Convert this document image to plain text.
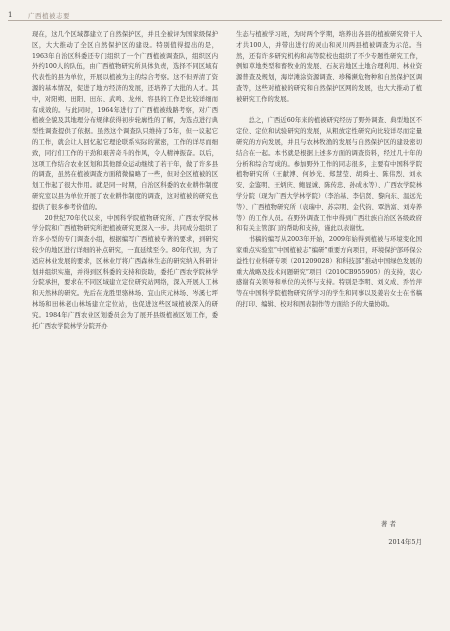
1 广西植被志要

现在，这几个区域都建立了自然保护区，并且全被评为国家级保护区，大大推动了全区自然保护区的建设。特别值得提出的是，1963年自治区科委还专门组织了一个广西植被调查队，组织区内外约100人的队伍，由广西植物研究所具体负责，选择不同区域有代表性的县为单位，开展以植被为主的综合考察。这不但弄清了资源的基本情况，促进了地方经济的发展，还培养了大批的人才。其中，对阳朔、田阳、田东、武鸣、龙州、容县的工作是比较详细而有成效的。与此同时，1964年进行了广西植被线路考察，对广西植被全貌及其地理分布规律获得初步轮廓性的了解，为选点进行典型性调查提供了依据。虽然这个调查队只维持了5年，但一议起它的工作，就会让人回忆起它理论联系实际的紧密，工作的详尽而细致，同行们工作的干劲和艰苦奇斗的作风，令人精神振奋。以后，这项工作结合农业区划和其他群众运动继续了若干年，做了许多县的调查，虽然在植被调查方面稍微偏略了一些，但对全区植被的区划工作起了很大作用。就是同一时期，自治区科委的农业耕作制度研究室以县为单位开展了农业耕作制度的调查，这对植被的研究也提供了很多参考价值的。

20世纪70年代以来，中国科学院植物研究所、广西农学院林学分院和广西植物研究所把植被研究更深入一步。共同成分组织了许多小型的专门调查小组，根据编写广西植被专著的要求，到研究较少的地区进行详细的补点研究，一直延续至今。80年代初，为了适应林业发展的要求，区林业厅将广西森林生态的研究纳入科研计划并组织实施，并得到区科委的支持和资助，委托广西农学院林学分院承担，要求在不同区域建立定位研究站网络，深入开展人工林和天然林的研究。先后在龙胜里骆林场、宜山庆元林场、岑溪七坪林场和田林老山林场建立定位站，也促进这些区域植被深入的研究。1984年广西农业区划委员会为了展开县级植被区划工作，委托广西农学院林学分院开办

生态与植被学习班，为时两个学期，培养出各县的植被研究骨干人才共100人，并带出进行的灵山和灵川两县植被调查为示范。当然，还有许多研究机构和高等院校也组织了不少专题性研究工作，例如草地类型和畜牧业的发展、石灰岩地区土地合理利用、林业资源普查及规划，海岸滩涂资源调查、珍稀濒危物种和自然保护区调查等，这些对植被的研究和自然保护区网的发展，也大大推动了植被研究工作的发展。

总之，广西近60年来的植被研究经历了野外调查、典型地区不定位、定位和试验研究的发展，从粗放定性研究向比较详尽而定量研究的方向发展，并且与农林牧渔的发展与自然保护区的建设密切结合在一起。本书就是根据上述多方面的调查资料，经过几十年的分析和综合写成的。参加野外工作的同志很多，主要有中国科学院植物研究所（王献溥、何妙光、郑慧莹、胡舜士、陈伟烈、刘永安、金鉴明、王炳庆、鲍显诚、陈传忠、孙成永等）、广西农学院林学分院（现为广西大学林学院）（李治基、李信贤、黎向东、温远光等）、广西植物研究所（袁瑞中、苏宗明、金代钧、覃浩富、刘寿养等）的工作人员。在野外调查工作中得到广西壮族自治区各级政府和有关主管部门的帮助和支持，谨此以表谢忱。

书稿的编写从2003年开始，2009年始得到植被与环境变化国家重点实验室“中国植被志”编研”重要方向项目，环境保护部环保公益性行业科研专项（201209028）和科技部“推动中国绿色发展的重大战略及技术问题研究”项目（2010CB955905）的支持，衷心感谢有关领导和单位的关怀与支持。特别是李明、刘义成、乔竹萍等在中国科学院植物研究所学习的学生和同事以及姜岩女士在书稿的打印、编辑、校对和图表制作等方面给予的大量协助。

著 者
2014年5月
